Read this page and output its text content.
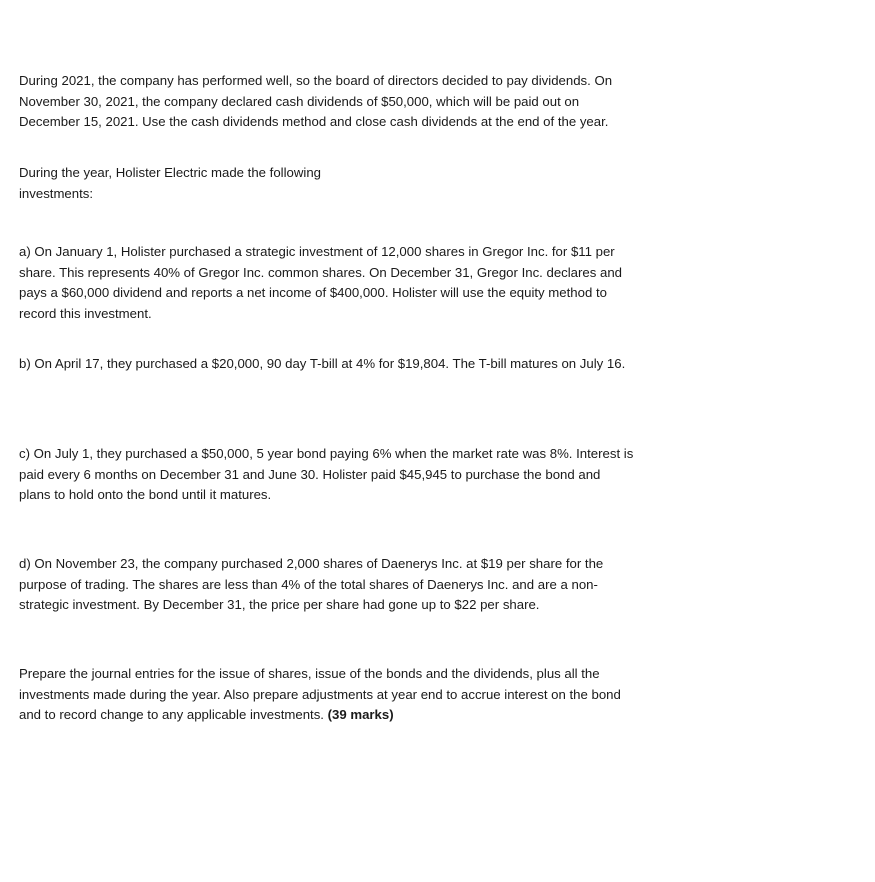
During 2021, the company has performed well, so the board of directors decided to pay dividends. On November 30, 2021, the company declared cash dividends of $50,000, which will be paid out on December 15, 2021. Use the cash dividends method and close cash dividends at the end of the year.

During the year, Holister Electric made the following investments:

a) On January 1, Holister purchased a strategic investment of 12,000 shares in Gregor Inc. for $11 per share. This represents 40% of Gregor Inc. common shares. On December 31, Gregor Inc. declares and pays a $60,000 dividend and reports a net income of $400,000. Holister will use the equity method to record this investment.

b) On April 17, they purchased a $20,000, 90 day T-bill at 4% for $19,804. The T-bill matures on July 16.

c) On July 1, they purchased a $50,000, 5 year bond paying 6% when the market rate was 8%. Interest is paid every 6 months on December 31 and June 30. Holister paid $45,945 to purchase the bond and plans to hold onto the bond until it matures.

d) On November 23, the company purchased 2,000 shares of Daenerys Inc. at $19 per share for the purpose of trading. The shares are less than 4% of the total shares of Daenerys Inc. and are a non-strategic investment. By December 31, the price per share had gone up to $22 per share.

Prepare the journal entries for the issue of shares, issue of the bonds and the dividends, plus all the investments made during the year. Also prepare adjustments at year end to accrue interest on the bond and to record change to any applicable investments. (39 marks)
